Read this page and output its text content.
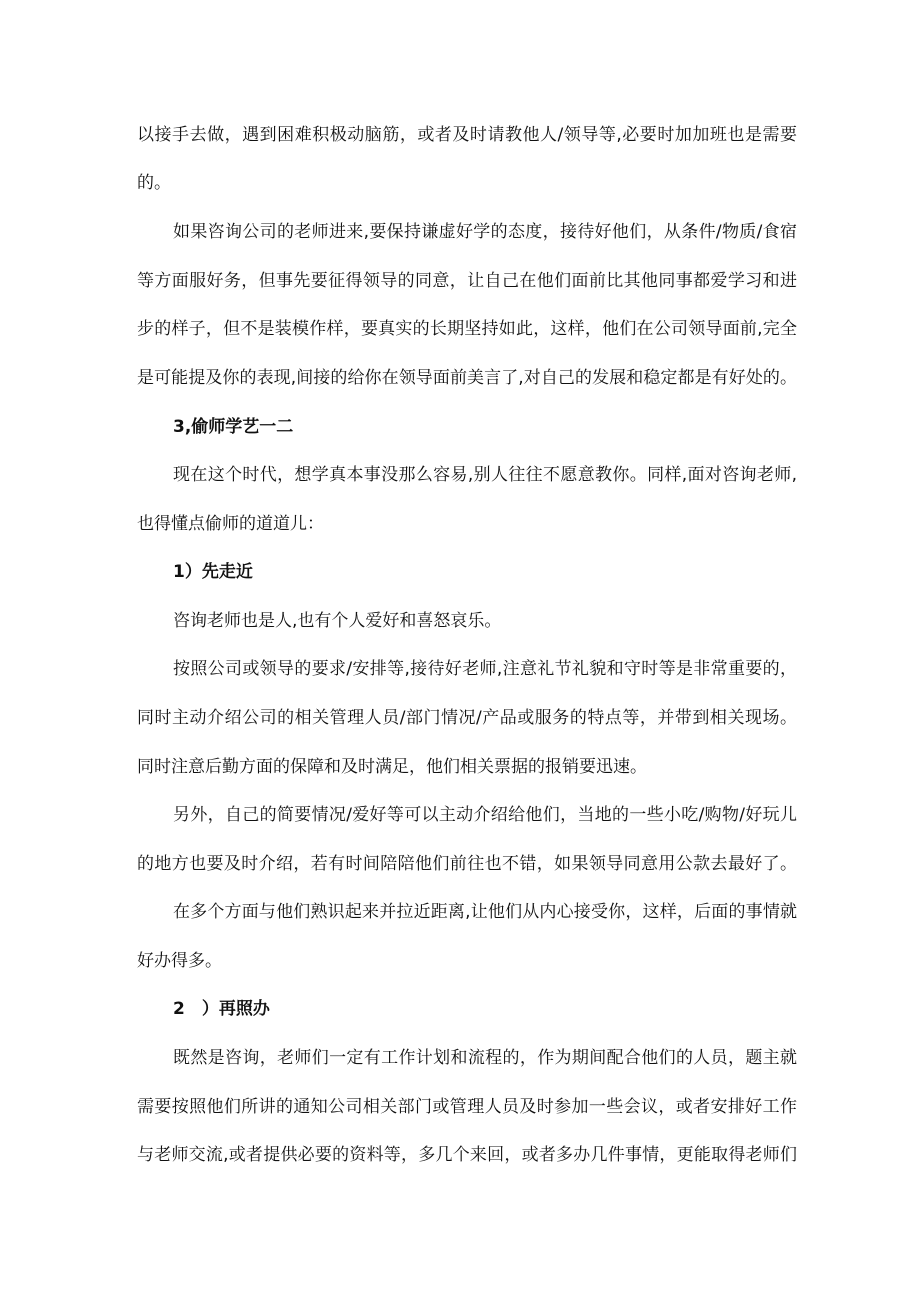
以接手去做，遇到困难积极动脑筋，或者及时请教他人/领导等,必要时加加班也是需要
的。
如果咨询公司的老师进来,要保持谦虚好学的态度，接待好他们，从条件/物质/食宿
等方面服好务，但事先要征得领导的同意，让自己在他们面前比其他同事都爱学习和进
步的样子，但不是装模作样，要真实的长期坚持如此，这样，他们在公司领导面前,完全
是可能提及你的表现,间接的给你在领导面前美言了,对自己的发展和稳定都是有好处的。
3,偷师学艺一二
现在这个时代，想学真本事没那么容易,别人往往不愿意教你。同样,面对咨询老师,
也得懂点偷师的道道儿：
1）先走近
咨询老师也是人,也有个人爱好和喜怒哀乐。
按照公司或领导的要求/安排等,接待好老师,注意礼节礼貌和守时等是非常重要的，
同时主动介绍公司的相关管理人员/部门情况/产品或服务的特点等，并带到相关现场。
同时注意后勤方面的保障和及时满足，他们相关票据的报销要迅速。
另外，自己的简要情况/爱好等可以主动介绍给他们，当地的一些小吃/购物/好玩儿
的地方也要及时介绍，若有时间陪陪他们前往也不错，如果领导同意用公款去最好了。
在多个方面与他们熟识起来并拉近距离,让他们从内心接受你，这样，后面的事情就
好办得多。
2　）再照办
既然是咨询，老师们一定有工作计划和流程的，作为期间配合他们的人员，题主就
需要按照他们所讲的通知公司相关部门或管理人员及时参加一些会议，或者安排好工作
与老师交流,或者提供必要的资料等，多几个来回，或者多办几件事情，更能取得老师们
